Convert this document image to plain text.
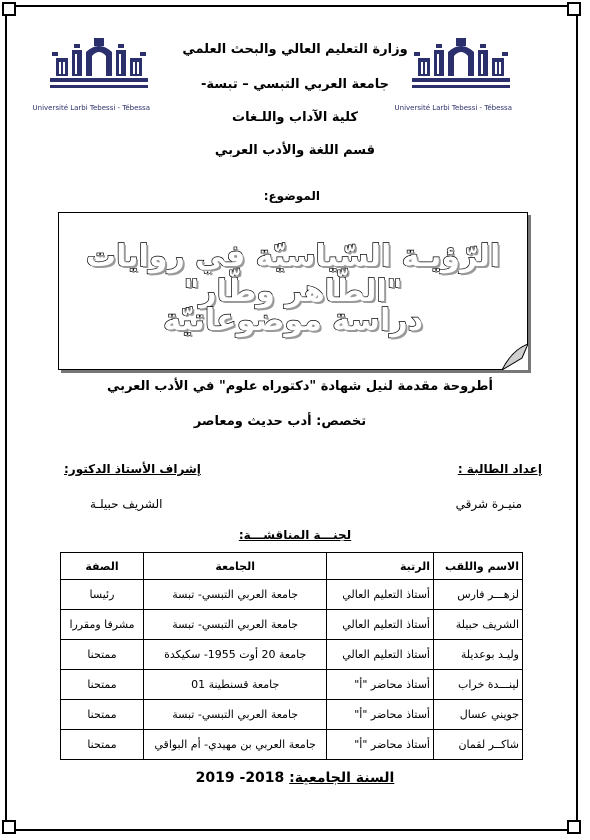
Université Larbi Tebessi - Tébessa	Université Larbi Tebessi - Tébessa
وزارة التعليم العالي والبحث العلمي
جامعة العربي التبسي – تبسة-
كلية الآداب واللـغات
قسم اللغة والأدب العربي
الموضوع:
الرّؤيـة السّياسيّة في روايات "الطّاهر وطّار"
دراسة موضوعاتيّة
أطروحة مقدمة لنيل شهادة "دكتوراه علوم" في الأدب العربي
تخصص: أدب حديث ومعاصر
إعداد الطالبة :
منيـرة شرقي
إشراف الأستاذ الدكتور:
الشريف حبيلـة
لجنـــة المناقشـــة:
الاسم واللقب	الرتبة	الجامعة	الصفة
لزهـــر فارس	أستاذ التعليم العالي	جامعة العربي التبسي- تبسة	رئيسا
الشريف حبيلة	أستاذ التعليم العالي	جامعة العربي التبسي- تبسة	مشرفا ومقررا
وليـد بوعديلة	أستاذ التعليم العالي	جامعة 20 أوت 1955- سكيكدة	ممتحنا
لينـــدة خراب	أستاذ محاضر "أ"	جامعة قسنطينة 01	ممتحنا
جويني عسال	أستاذ محاضر "أ"	جامعة العربي التبسي- تبسة	ممتحنا
شاكــر لقمان	أستاذ محاضر "أ"	جامعة العربي بن مهيدي- أم البواقي	ممتحنا
السنة الجامعية: 2018- 2019
